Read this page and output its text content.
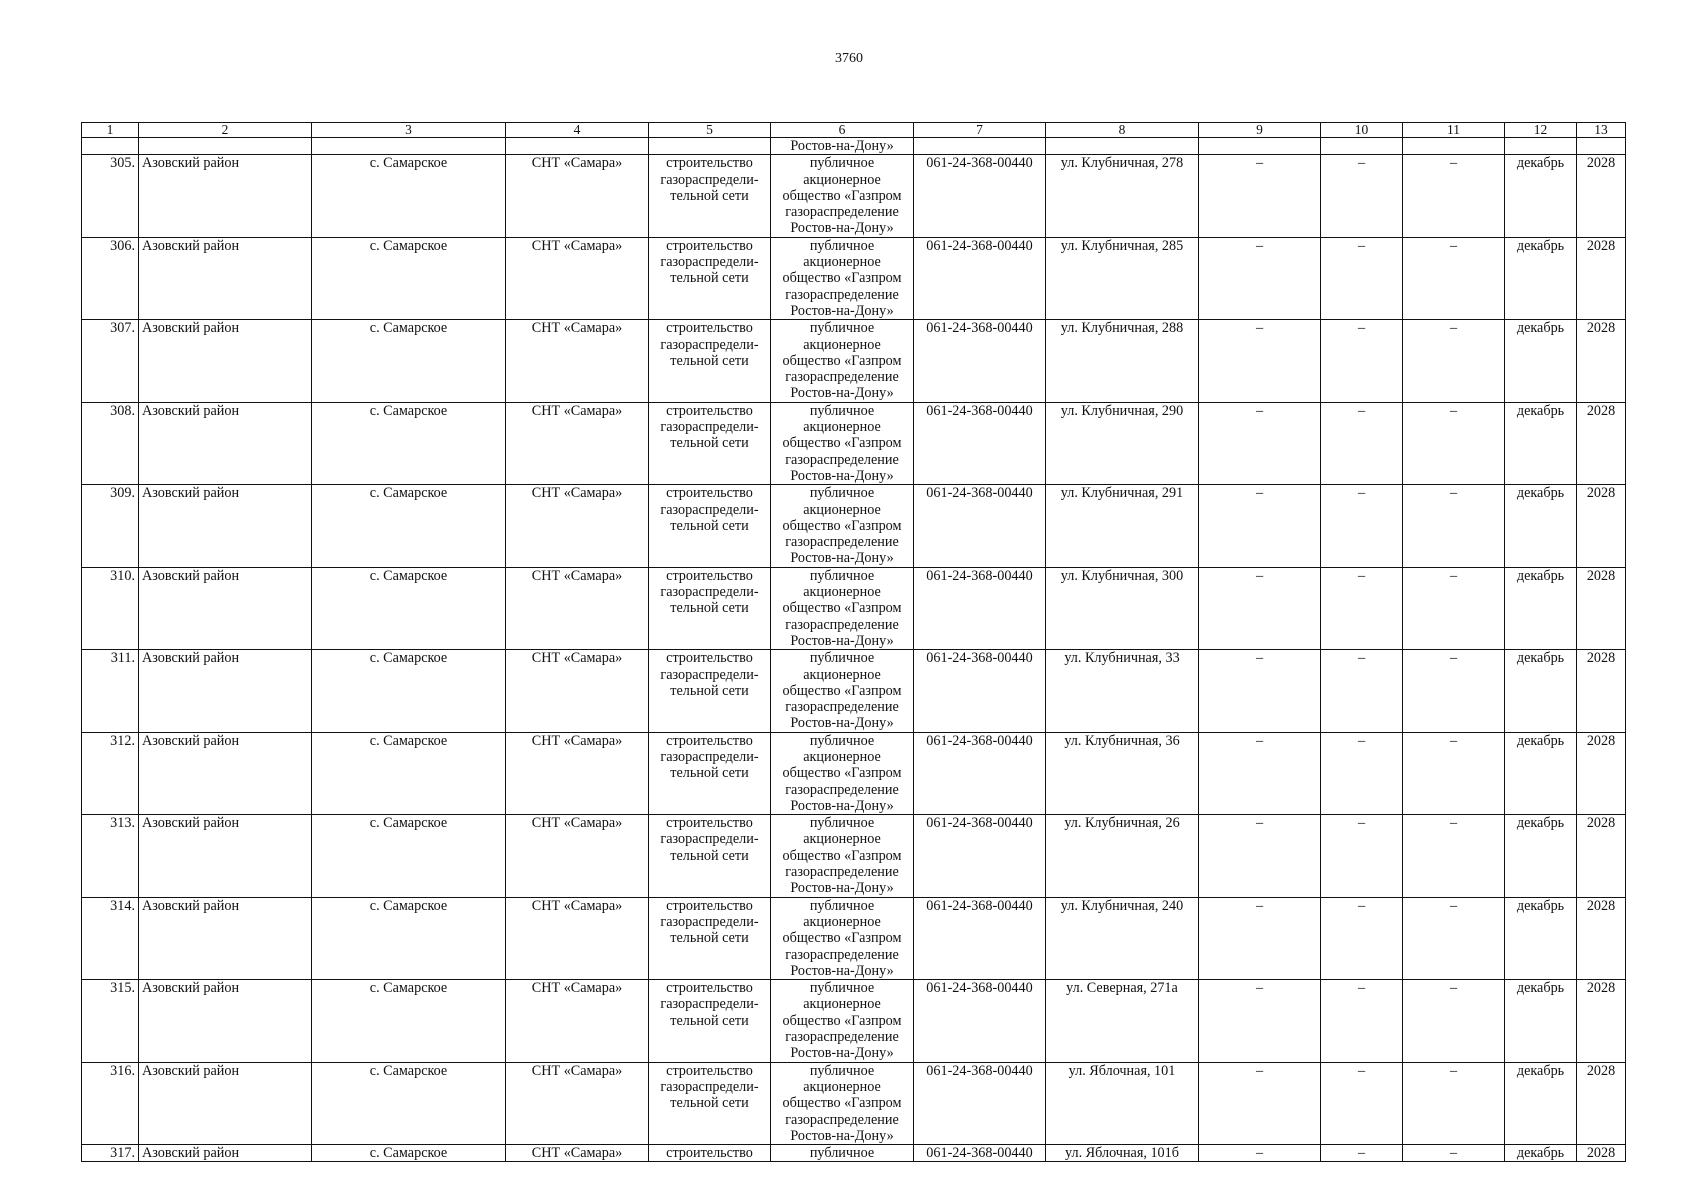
3760
1	2	3	4	5	6	7	8	9	10	11	12	13
					Ростов-на-Дону»							
305.	Азовский район	с. Самарское	СНТ «Самара»	строительство газораспредели- тельной сети	публичное акционерное общество «Газпром газораспределение Ростов-на-Дону»	061-24-368-00440	ул. Клубничная, 278	–	–	–	декабрь	2028
306.	Азовский район	с. Самарское	СНТ «Самара»	строительство газораспредели- тельной сети	публичное акционерное общество «Газпром газораспределение Ростов-на-Дону»	061-24-368-00440	ул. Клубничная, 285	–	–	–	декабрь	2028
307.	Азовский район	с. Самарское	СНТ «Самара»	строительство газораспредели- тельной сети	публичное акционерное общество «Газпром газораспределение Ростов-на-Дону»	061-24-368-00440	ул. Клубничная, 288	–	–	–	декабрь	2028
308.	Азовский район	с. Самарское	СНТ «Самара»	строительство газораспредели- тельной сети	публичное акционерное общество «Газпром газораспределение Ростов-на-Дону»	061-24-368-00440	ул. Клубничная, 290	–	–	–	декабрь	2028
309.	Азовский район	с. Самарское	СНТ «Самара»	строительство газораспредели- тельной сети	публичное акционерное общество «Газпром газораспределение Ростов-на-Дону»	061-24-368-00440	ул. Клубничная, 291	–	–	–	декабрь	2028
310.	Азовский район	с. Самарское	СНТ «Самара»	строительство газораспредели- тельной сети	публичное акционерное общество «Газпром газораспределение Ростов-на-Дону»	061-24-368-00440	ул. Клубничная, 300	–	–	–	декабрь	2028
311.	Азовский район	с. Самарское	СНТ «Самара»	строительство газораспредели- тельной сети	публичное акционерное общество «Газпром газораспределение Ростов-на-Дону»	061-24-368-00440	ул. Клубничная, 33	–	–	–	декабрь	2028
312.	Азовский район	с. Самарское	СНТ «Самара»	строительство газораспредели- тельной сети	публичное акционерное общество «Газпром газораспределение Ростов-на-Дону»	061-24-368-00440	ул. Клубничная, 36	–	–	–	декабрь	2028
313.	Азовский район	с. Самарское	СНТ «Самара»	строительство газораспредели- тельной сети	публичное акционерное общество «Газпром газораспределение Ростов-на-Дону»	061-24-368-00440	ул. Клубничная, 26	–	–	–	декабрь	2028
314.	Азовский район	с. Самарское	СНТ «Самара»	строительство газораспредели- тельной сети	публичное акционерное общество «Газпром газораспределение Ростов-на-Дону»	061-24-368-00440	ул. Клубничная, 240	–	–	–	декабрь	2028
315.	Азовский район	с. Самарское	СНТ «Самара»	строительство газораспредели- тельной сети	публичное акционерное общество «Газпром газораспределение Ростов-на-Дону»	061-24-368-00440	ул. Северная, 271а	–	–	–	декабрь	2028
316.	Азовский район	с. Самарское	СНТ «Самара»	строительство газораспредели- тельной сети	публичное акционерное общество «Газпром газораспределение Ростов-на-Дону»	061-24-368-00440	ул. Яблочная, 101	–	–	–	декабрь	2028
317.	Азовский район	с. Самарское	СНТ «Самара»	строительство	публичное	061-24-368-00440	ул. Яблочная, 101б	–	–	–	декабрь	2028
